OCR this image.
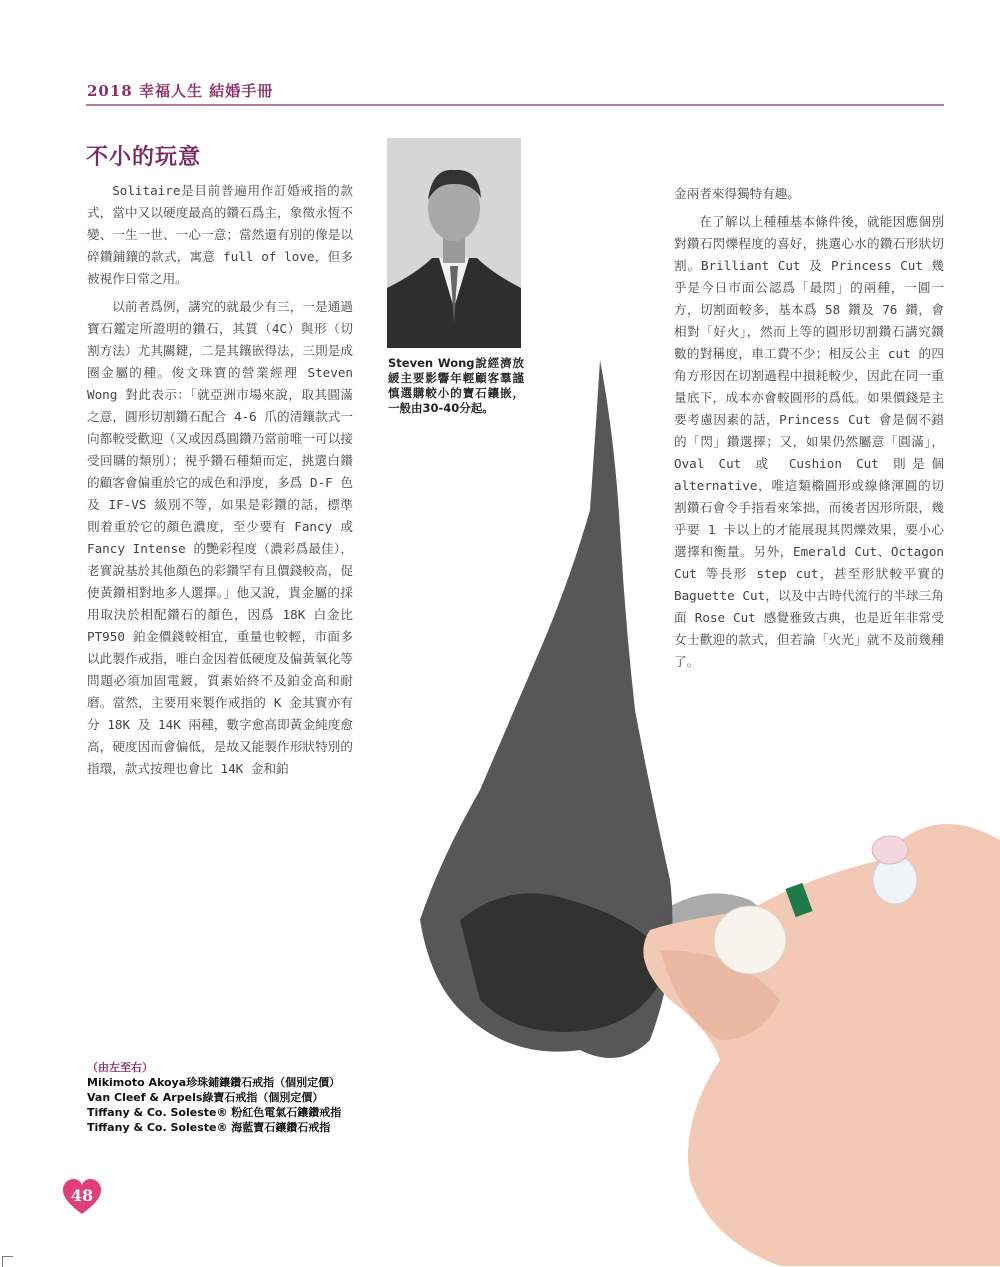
2018 幸福人生 結婚手冊
不小的玩意

Solitaire是目前普遍用作訂婚戒指的款式，當中又以硬度最高的鑽石爲主，象徵永恆不變、一生一世、一心一意；當然還有別的像是以碎鑽鋪鑲的款式，寓意 full of love，但多被視作日常之用。

以前者爲例，講究的就最少有三，一是通過寶石鑑定所證明的鑽石，其質（4C）與形（切割方法）尤其關鍵，二是其鑲嵌得法，三則是成圈金屬的種。俊文珠寶的營業經理 Steven Wong 對此表示：「就亞洲市場來說，取其圓滿之意，圓形切割鑽石配合 4-6 爪的清鑲款式一向都較受歡迎（又或因爲圓鑽乃當前唯一可以接受回購的類別）；視乎鑽石種類而定，挑選白鑽的顧客會偏重於它的成色和淨度，多爲 D-F 色及 IF-VS 級別不等，如果是彩鑽的話，標準則着重於它的顏色濃度，至少要有 Fancy 或 Fancy Intense 的艷彩程度（濃彩爲最佳），老實說基於其他顏色的彩鑽罕有且價錢較高，促使黃鑽相對地多人選擇。」他又說，貴金屬的採用取決於相配鑽石的顏色，因爲 18K 白金比 PT950 鉑金價錢較相宜，重量也較輕，市面多以此製作戒指，唯白金因着低硬度及偏黃氧化等問題必須加固電鍍，質素始終不及鉑金高和耐磨。當然，主要用來製作戒指的 K 金其實亦有分 18K 及 14K 兩種，數字愈高即黃金純度愈高，硬度因而會偏低，是故又能製作形狀特別的指環，款式按理也會比 14K 金和鉑

Steven Wong說經濟放緩主要影響年輕顧客羣謹慎選購較小的寶石鑲嵌，一般由30-40分起。

金兩者來得獨特有趣。

在了解以上種種基本條件後，就能因應個別對鑽石閃爍程度的喜好，挑選心水的鑽石形狀切割。Brilliant Cut 及 Princess Cut 幾乎是今日市面公認爲「最閃」的兩種，一圓一方，切割面較多，基本爲 58 鑽及 76 鑽，會相對「好火」，然而上等的圓形切割鑽石講究鑽數的對稱度，車工費不少；相反公主 cut 的四角方形因在切割過程中損耗較少，因此在同一重量底下，成本亦會較圓形的爲低。如果價錢是主要考慮因素的話，Princess Cut 會是個不錯的「閃」鑽選擇；又，如果仍然屬意「圓滿」，Oval Cut 或 Cushion Cut 則是個 alternative，唯這類橢圓形或線條渾圓的切割鑽石會令手指看來笨拙，而後者因形所限，幾乎要 1 卡以上的才能展現其閃爍效果，要小心選擇和衡量。另外，Emerald Cut、Octagon Cut 等長形 step cut，甚至形狀較平實的 Baguette Cut，以及中古時代流行的半球三角面 Rose Cut 感覺雅致古典，也是近年非常受女士歡迎的款式，但若論「火光」就不及前幾種了。

（由左至右）
Mikimoto Akoya珍珠鋪鑲鑽石戒指（個別定價）
Van Cleef & Arpels綠寶石戒指（個別定價）
Tiffany & Co. Soleste® 粉紅色電氣石鑲鑽戒指
Tiffany & Co. Soleste® 海藍寶石鑲鑽石戒指
48
